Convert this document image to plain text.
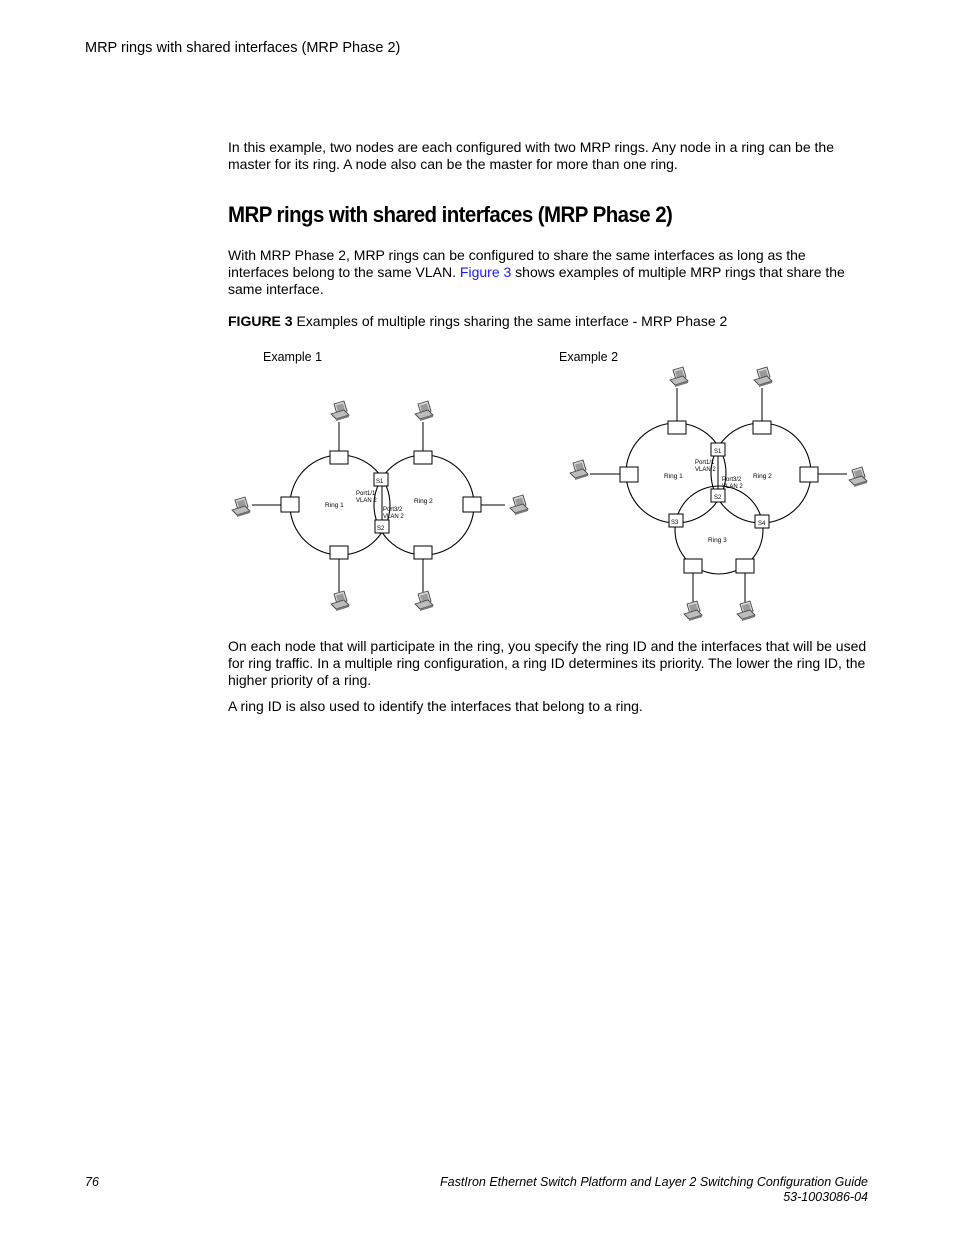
MRP rings with shared interfaces (MRP Phase 2)

In this example, two nodes are each configured with two MRP rings. Any node in a ring can be the master for its ring. A node also can be the master for more than one ring.

MRP rings with shared interfaces (MRP Phase 2)

With MRP Phase 2, MRP rings can be configured to share the same interfaces as long as the interfaces belong to the same VLAN. Figure 3 shows examples of multiple MRP rings that share the same interface.

FIGURE 3 Examples of multiple rings sharing the same interface - MRP Phase 2
Example 1
S1
S2
Ring 1
Ring 2
Port1/1
VLAN 2
Port3/2
VLAN 2
Example 2
S1
S2
S3	S4
Ring 1	Ring 2
Ring 3
Port1/1
VLAN 2
Port3/2
VLAN 2

On each node that will participate in the ring, you specify the ring ID and the interfaces that will be used for ring traffic. In a multiple ring configuration, a ring ID determines its priority. The lower the ring ID, the higher priority of a ring.

A ring ID is also used to identify the interfaces that belong to a ring.

76	FastIron Ethernet Switch Platform and Layer 2 Switching Configuration Guide
53-1003086-04
